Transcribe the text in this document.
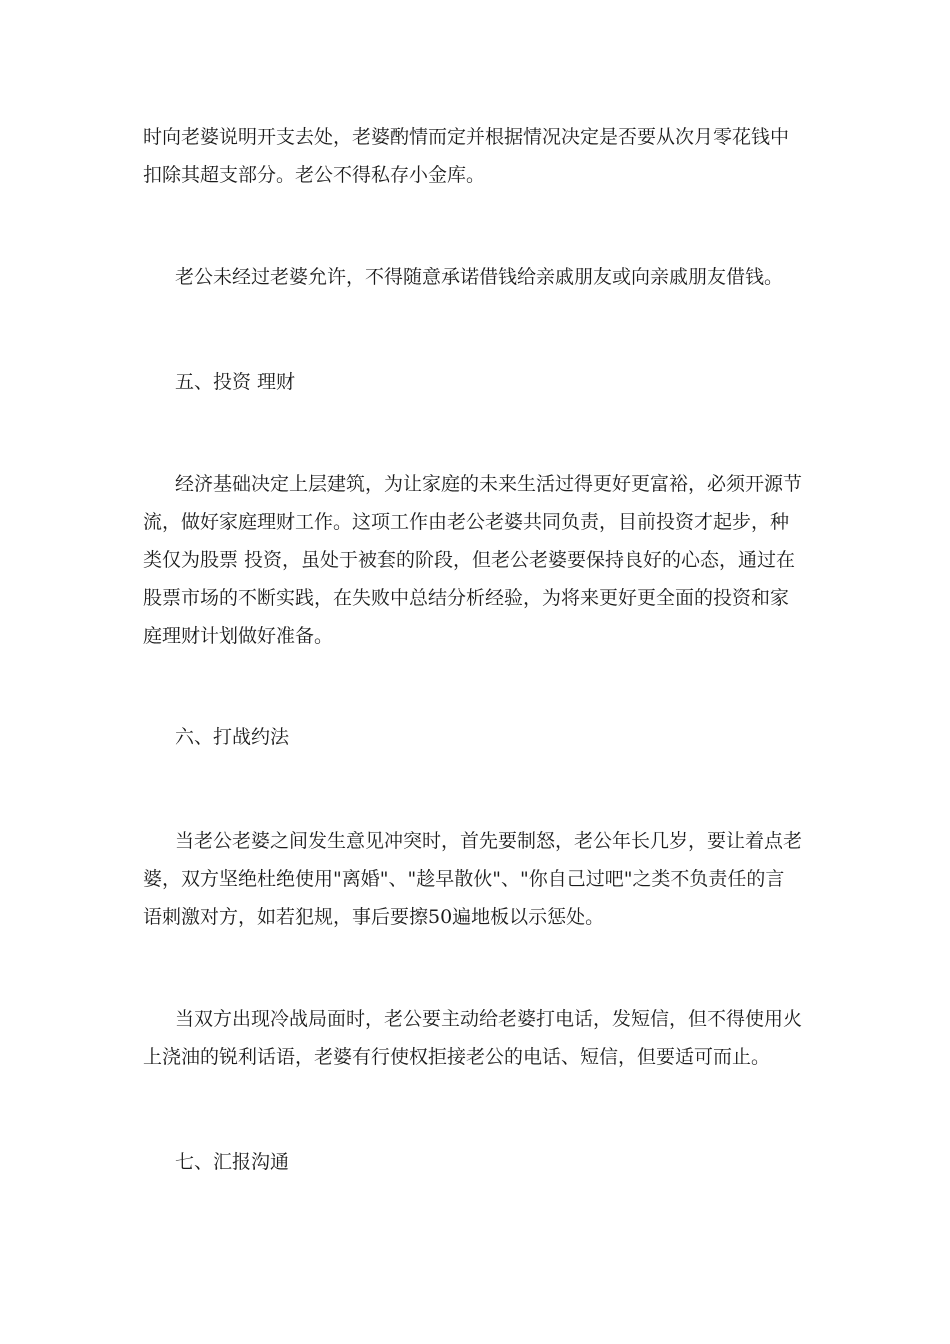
时向老婆说明开支去处，老婆酌情而定并根据情况决定是否要从次月零花钱中
扣除其超支部分。老公不得私存小金库。
老公未经过老婆允许，不得随意承诺借钱给亲戚朋友或向亲戚朋友借钱。
五、投资 理财
经济基础决定上层建筑，为让家庭的未来生活过得更好更富裕，必须开源节
流，做好家庭理财工作。这项工作由老公老婆共同负责，目前投资才起步，种
类仅为股票 投资，虽处于被套的阶段，但老公老婆要保持良好的心态，通过在
股票市场的不断实践，在失败中总结分析经验，为将来更好更全面的投资和家
庭理财计划做好准备。
六、打战约法
当老公老婆之间发生意见冲突时，首先要制怒，老公年长几岁，要让着点老
婆，双方坚绝杜绝使用"离婚"、"趁早散伙"、"你自己过吧"之类不负责任的言
语刺激对方，如若犯规，事后要擦50遍地板以示惩处。
当双方出现冷战局面时，老公要主动给老婆打电话，发短信，但不得使用火
上浇油的锐利话语，老婆有行使权拒接老公的电话、短信，但要适可而止。
七、汇报沟通
